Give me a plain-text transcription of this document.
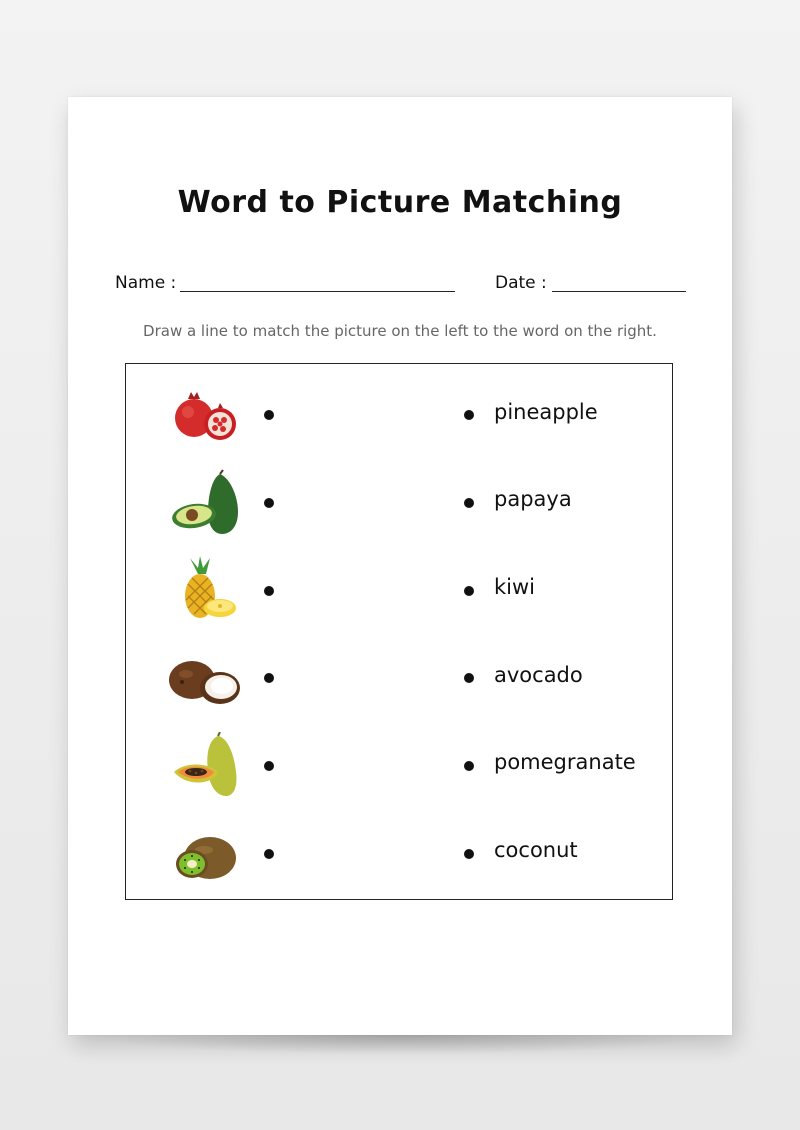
Word to Picture Matching
Name :	Date :
Draw a line to match the picture on the left to the word on the right.
pineapple
papaya
kiwi
avocado
pomegranate
coconut
